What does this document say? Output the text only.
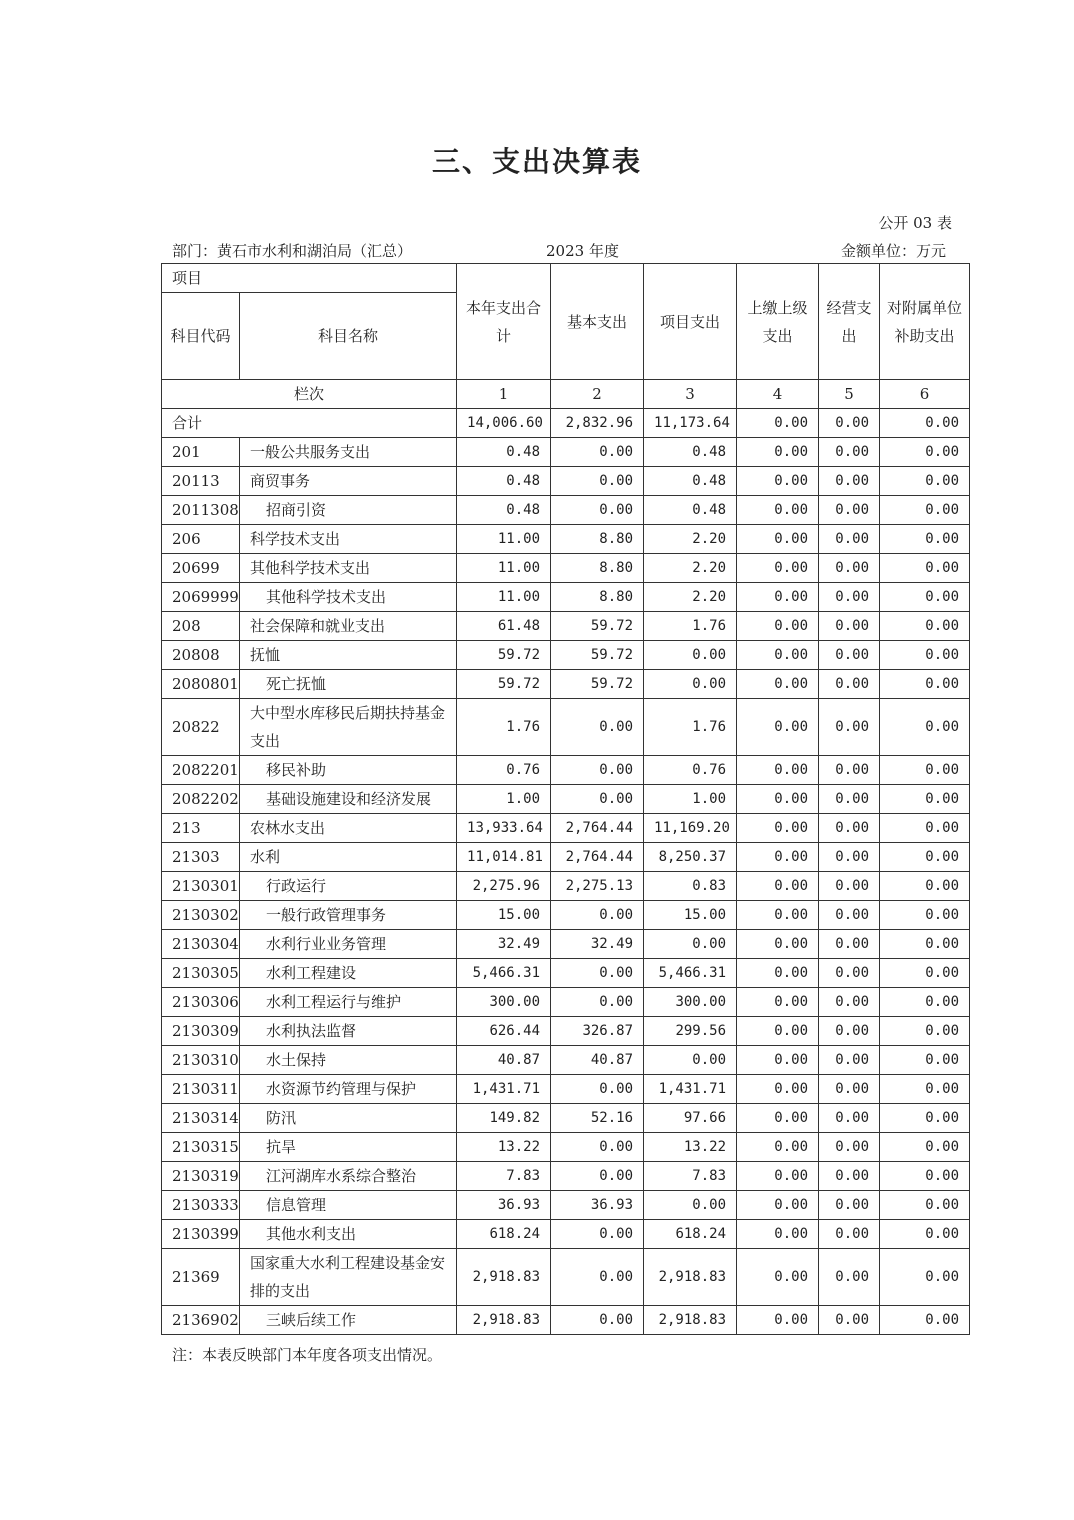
三、支出决算表
公开 03 表
部门：黄石市水利和湖泊局（汇总）	2023 年度	金额单位：万元
项目		本年支出合计	基本支出	项目支出	上缴上级支出	经营支出	对附属单位补助支出
科目代码	科目名称						
栏次		1	2	3	4	5	6
合计		14,006.60	2,832.96	11,173.64	0.00	0.00	0.00
201	一般公共服务支出	0.48	0.00	0.48	0.00	0.00	0.00
20113	商贸事务	0.48	0.00	0.48	0.00	0.00	0.00
2011308	招商引资	0.48	0.00	0.48	0.00	0.00	0.00
206	科学技术支出	11.00	8.80	2.20	0.00	0.00	0.00
20699	其他科学技术支出	11.00	8.80	2.20	0.00	0.00	0.00
2069999	其他科学技术支出	11.00	8.80	2.20	0.00	0.00	0.00
208	社会保障和就业支出	61.48	59.72	1.76	0.00	0.00	0.00
20808	抚恤	59.72	59.72	0.00	0.00	0.00	0.00
2080801	死亡抚恤	59.72	59.72	0.00	0.00	0.00	0.00
20822	大中型水库移民后期扶持基金支出	1.76	0.00	1.76	0.00	0.00	0.00
2082201	移民补助	0.76	0.00	0.76	0.00	0.00	0.00
2082202	基础设施建设和经济发展	1.00	0.00	1.00	0.00	0.00	0.00
213	农林水支出	13,933.64	2,764.44	11,169.20	0.00	0.00	0.00
21303	水利	11,014.81	2,764.44	8,250.37	0.00	0.00	0.00
2130301	行政运行	2,275.96	2,275.13	0.83	0.00	0.00	0.00
2130302	一般行政管理事务	15.00	0.00	15.00	0.00	0.00	0.00
2130304	水利行业业务管理	32.49	32.49	0.00	0.00	0.00	0.00
2130305	水利工程建设	5,466.31	0.00	5,466.31	0.00	0.00	0.00
2130306	水利工程运行与维护	300.00	0.00	300.00	0.00	0.00	0.00
2130309	水利执法监督	626.44	326.87	299.56	0.00	0.00	0.00
2130310	水土保持	40.87	40.87	0.00	0.00	0.00	0.00
2130311	水资源节约管理与保护	1,431.71	0.00	1,431.71	0.00	0.00	0.00
2130314	防汛	149.82	52.16	97.66	0.00	0.00	0.00
2130315	抗旱	13.22	0.00	13.22	0.00	0.00	0.00
2130319	江河湖库水系综合整治	7.83	0.00	7.83	0.00	0.00	0.00
2130333	信息管理	36.93	36.93	0.00	0.00	0.00	0.00
2130399	其他水利支出	618.24	0.00	618.24	0.00	0.00	0.00
21369	国家重大水利工程建设基金安排的支出	2,918.83	0.00	2,918.83	0.00	0.00	0.00
2136902	三峡后续工作	2,918.83	0.00	2,918.83	0.00	0.00	0.00
注：本表反映部门本年度各项支出情况。
